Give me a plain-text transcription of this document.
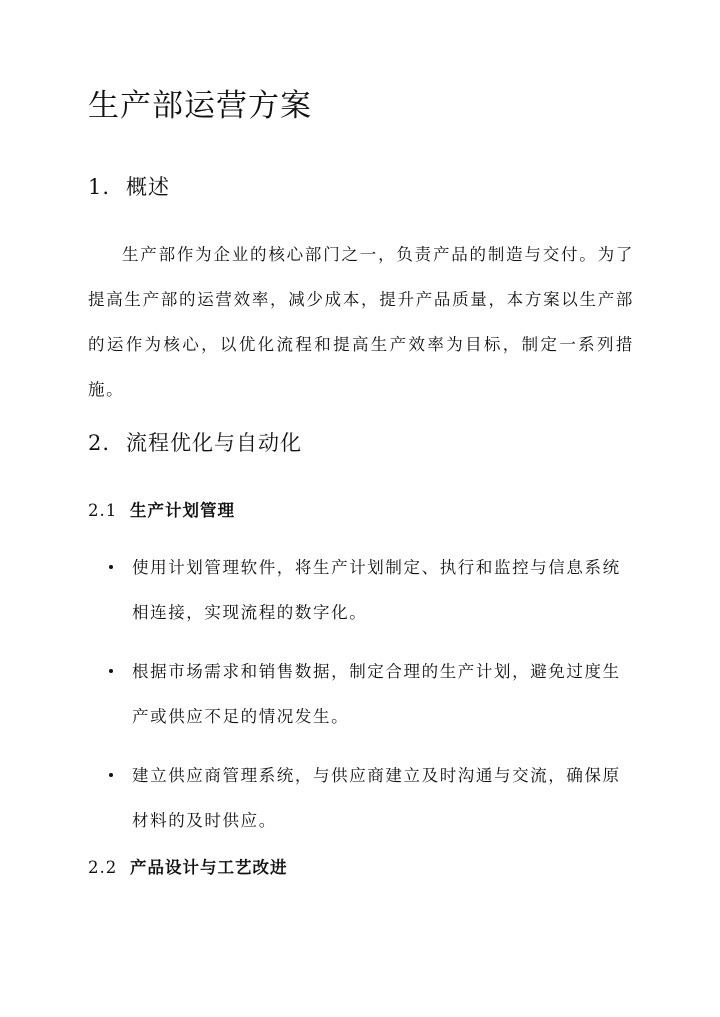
生产部运营方案
1. 概述

生产部作为企业的核心部门之一，负责产品的制造与交付。为了提高生产部的运营效率，减少成本，提升产品质量，本方案以生产部的运作为核心，以优化流程和提高生产效率为目标，制定一系列措施。

2. 流程优化与自动化
2.1 生产计划管理
使用计划管理软件，将生产计划制定、执行和监控与信息系统相连接，实现流程的数字化。
根据市场需求和销售数据，制定合理的生产计划，避免过度生产或供应不足的情况发生。
建立供应商管理系统，与供应商建立及时沟通与交流，确保原材料的及时供应。
2.2 产品设计与工艺改进
